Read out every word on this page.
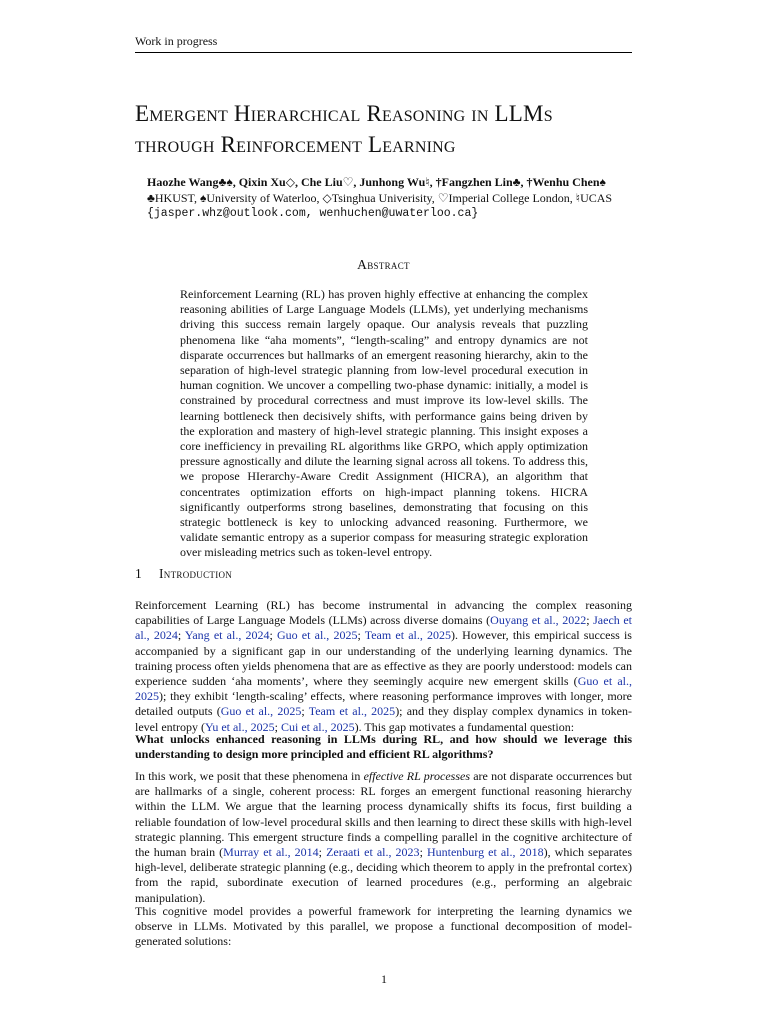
Work in progress
Emergent Hierarchical Reasoning in LLMs
through Reinforcement Learning
Haozhe Wang♣♠, Qixin Xu◇, Che Liu♡, Junhong Wu♮, †Fangzhen Lin♣, †Wenhu Chen♠
♣HKUST, ♠University of Waterloo, ◇Tsinghua Univerisity, ♡Imperial College London, ♮UCAS
{jasper.whz@outlook.com, wenhuchen@uwaterloo.ca}
Abstract
Reinforcement Learning (RL) has proven highly effective at enhancing the complex reasoning abilities of Large Language Models (LLMs), yet underlying mechanisms driving this success remain largely opaque. Our analysis reveals that puzzling phenomena like “aha moments”, “length-scaling” and entropy dynamics are not disparate occurrences but hallmarks of an emergent reasoning hierarchy, akin to the separation of high-level strategic planning from low-level procedural execution in human cognition. We uncover a compelling two-phase dynamic: initially, a model is constrained by procedural correctness and must improve its low-level skills. The learning bottleneck then decisively shifts, with performance gains being driven by the exploration and mastery of high-level strategic planning. This insight exposes a core inefficiency in prevailing RL algorithms like GRPO, which apply optimization pressure agnostically and dilute the learning signal across all tokens. To address this, we propose HIerarchy-Aware Credit Assignment (HICRA), an algorithm that concentrates optimization efforts on high-impact planning tokens. HICRA significantly outperforms strong baselines, demonstrating that focusing on this strategic bottleneck is key to unlocking advanced reasoning. Furthermore, we validate semantic entropy as a superior compass for measuring strategic exploration over misleading metrics such as token-level entropy.
1 Introduction
Reinforcement Learning (RL) has become instrumental in advancing the complex reasoning capabilities of Large Language Models (LLMs) across diverse domains (Ouyang et al., 2022; Jaech et al., 2024; Yang et al., 2024; Guo et al., 2025; Team et al., 2025). However, this empirical success is accompanied by a significant gap in our understanding of the underlying learning dynamics. The training process often yields phenomena that are as effective as they are poorly understood: models can experience sudden ‘aha moments’, where they seemingly acquire new emergent skills (Guo et al., 2025); they exhibit ‘length-scaling’ effects, where reasoning performance improves with longer, more detailed outputs (Guo et al., 2025; Team et al., 2025); and they display complex dynamics in token-level entropy (Yu et al., 2025; Cui et al., 2025). This gap motivates a fundamental question:
What unlocks enhanced reasoning in LLMs during RL, and how should we leverage this understanding to design more principled and efficient RL algorithms?
In this work, we posit that these phenomena in effective RL processes are not disparate occurrences but are hallmarks of a single, coherent process: RL forges an emergent functional reasoning hierarchy within the LLM. We argue that the learning process dynamically shifts its focus, first building a reliable foundation of low-level procedural skills and then learning to direct these skills with high-level strategic planning. This emergent structure finds a compelling parallel in the cognitive architecture of the human brain (Murray et al., 2014; Zeraati et al., 2023; Huntenburg et al., 2018), which separates high-level, deliberate strategic planning (e.g., deciding which theorem to apply in the prefrontal cortex) from the rapid, subordinate execution of learned procedures (e.g., performing an algebraic manipulation).
This cognitive model provides a powerful framework for interpreting the learning dynamics we observe in LLMs. Motivated by this parallel, we propose a functional decomposition of model-generated solutions:
1
